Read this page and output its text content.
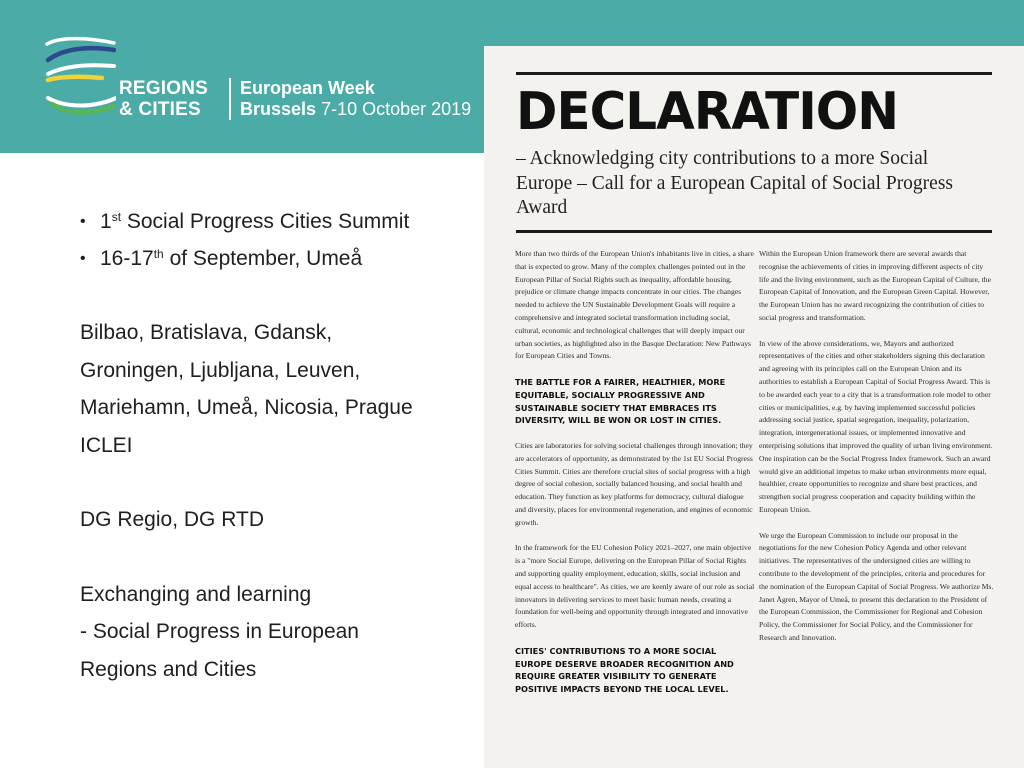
REGIONS
& CITIES
European Week
Brussels 7-10 October 2019
• 1st Social Progress Cities Summit
• 16-17th of September, Umeå
Bilbao, Bratislava, Gdansk,
Groningen, Ljubljana, Leuven,
Mariehamn, Umeå, Nicosia, Prague
ICLEI
DG Regio, DG RTD
Exchanging and learning
- Social Progress in European
Regions and Cities
DECLARATION
– Acknowledging city contributions to a more Social Europe – Call for a European Capital of Social Progress Award

More than two thirds of the European Union's inhabitants live in cities, a share that is expected to grow. Many of the complex challenges pointed out in the European Pillar of Social Rights such as inequality, affordable housing, prejudice or climate change impacts concentrate in our cities. The changes needed to achieve the UN Sustainable Development Goals will require a comprehensive and integrated societal transformation including social, cultural, economic and technological challenges that will deeply impact our urban societies, as highlighted also in the Basque Declaration: New Pathways for European Cities and Towns.

THE BATTLE FOR A FAIRER, HEALTHIER, MORE EQUITABLE, SOCIALLY PROGRESSIVE AND SUSTAINABLE SOCIETY THAT EMBRACES ITS DIVERSITY, WILL BE WON OR LOST IN CITIES.

Cities are laboratories for solving societal challenges through innovation; they are accelerators of opportunity, as demonstrated by the 1st EU Social Progress Cities Summit. Cities are therefore crucial sites of social progress with a high degree of social cohesion, socially balanced housing, and social health and education. They function as key platforms for democracy, cultural dialogue and diversity, places for environmental regeneration, and engines of economic growth.

In the framework for the EU Cohesion Policy 2021–2027, one main objective is a "more Social Europe, delivering on the European Pillar of Social Rights and supporting quality employment, education, skills, social inclusion and equal access to healthcare". As cities, we are keenly aware of our role as social innovators in delivering services to meet basic human needs, creating a foundation for well-being and opportunity through integrated and innovative efforts.

CITIES' CONTRIBUTIONS TO A MORE SOCIAL EUROPE DESERVE BROADER RECOGNITION AND REQUIRE GREATER VISIBILITY TO GENERATE POSITIVE IMPACTS BEYOND THE LOCAL LEVEL.

Within the European Union framework there are several awards that recognise the achievements of cities in improving different aspects of city life and the living environment, such as the European Capital of Culture, the European Capital of Innovation, and the European Green Capital. However, the European Union has no award recognizing the contribution of cities to social progress and transformation.

In view of the above considerations, we, Mayors and authorized representatives of the cities and other stakeholders signing this declaration and agreeing with its principles call on the European Union and its authorities to establish a European Capital of Social Progress Award. This is to be awarded each year to a city that is a transformation role model to other cities or municipalities, e.g. by having implemented successful policies addressing social justice, spatial segregation, inequality, polarization, integration, intergenerational issues, or implemented innovative and enterprising solutions that improved the quality of urban living environment. One inspiration can be the Social Progress Index framework. Such an award would give an additional impetus to make urban environments more equal, healthier, create opportunities to recognize and share best practices, and strengthen social progress cooperation and capacity building within the European Union.

We urge the European Commission to include our proposal in the negotiations for the new Cohesion Policy Agenda and other relevant initiatives. The representatives of the undersigned cities are willing to contribute to the development of the principles, criteria and procedures for the nomination of the European Capital of Social Progress. We authorize Ms. Janet Ågren, Mayor of Umeå, to present this declaration to the President of the European Commission, the Commissioner for Regional and Cohesion Policy, the Commissioner for Social Policy, and the Commissioner for Research and Innovation.
